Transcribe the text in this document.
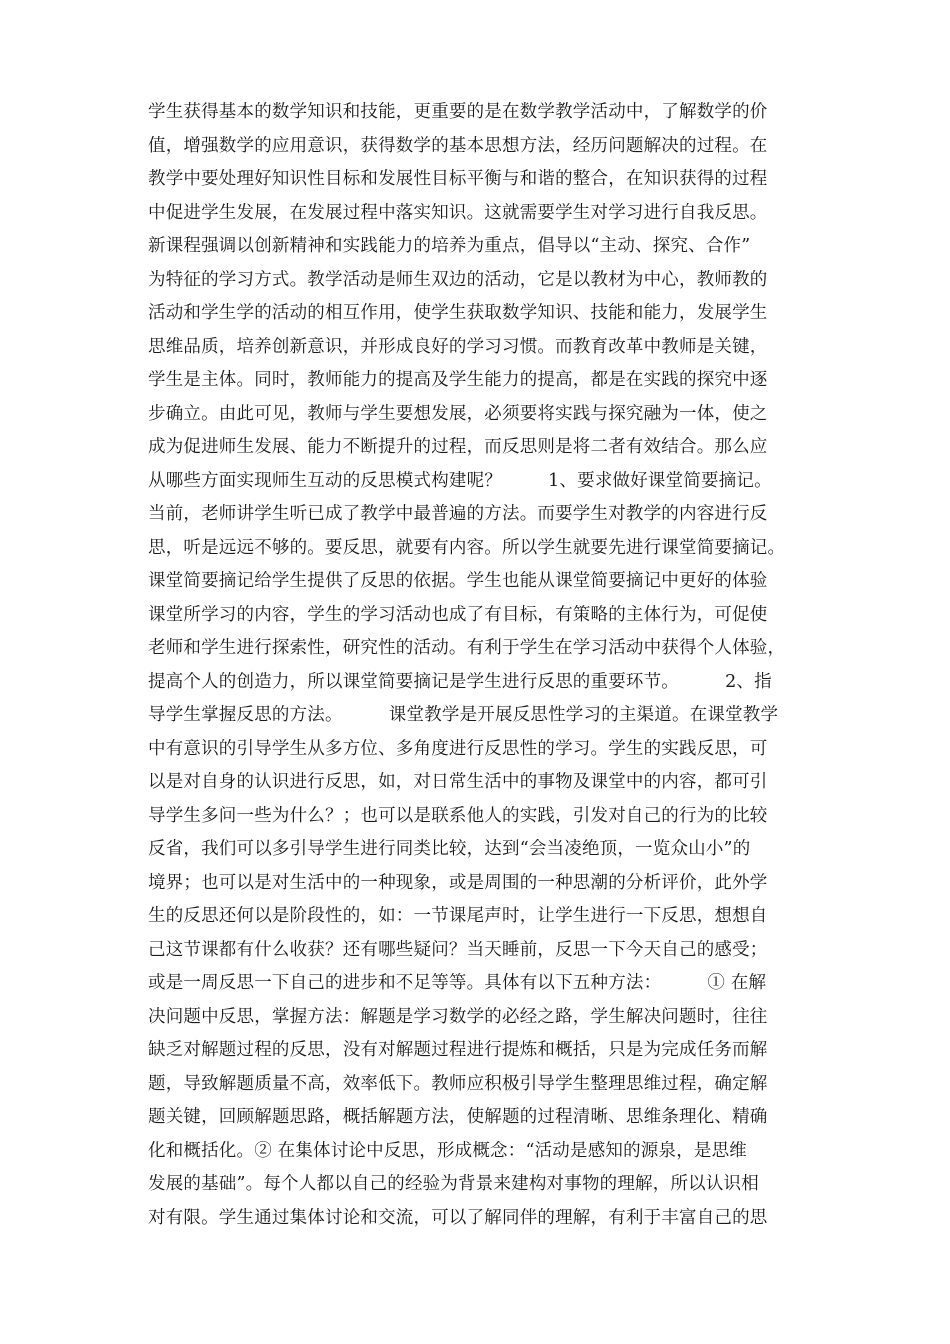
学生获得基本的数学知识和技能，更重要的是在数学教学活动中，了解数学的价
值，增强数学的应用意识，获得数学的基本思想方法，经历问题解决的过程。在
教学中要处理好知识性目标和发展性目标平衡与和谐的整合，在知识获得的过程
中促进学生发展，在发展过程中落实知识。这就需要学生对学习进行自我反思。
新课程强调以创新精神和实践能力的培养为重点，倡导以“主动、探究、合作”
为特征的学习方式。教学活动是师生双边的活动，它是以教材为中心，教师教的
活动和学生学的活动的相互作用，使学生获取数学知识、技能和能力，发展学生
思维品质，培养创新意识，并形成良好的学习习惯。而教育改革中教师是关键，
学生是主体。同时，教师能力的提高及学生能力的提高，都是在实践的探究中逐
步确立。由此可见，教师与学生要想发展，必须要将实践与探究融为一体，使之
成为促进师生发展、能力不断提升的过程，而反思则是将二者有效结合。那么应
从哪些方面实现师生互动的反思模式构建呢？        1、要求做好课堂简要摘记。
当前，老师讲学生听已成了教学中最普遍的方法。而要学生对教学的内容进行反
思，听是远远不够的。要反思，就要有内容。所以学生就要先进行课堂简要摘记。
课堂简要摘记给学生提供了反思的依据。学生也能从课堂简要摘记中更好的体验
课堂所学习的内容，学生的学习活动也成了有目标，有策略的主体行为，可促使
老师和学生进行探索性，研究性的活动。有利于学生在学习活动中获得个人体验，
提高个人的创造力，所以课堂简要摘记是学生进行反思的重要环节。        2、指
导学生掌握反思的方法。        课堂教学是开展反思性学习的主渠道。在课堂教学
中有意识的引导学生从多方位、多角度进行反思性的学习。学生的实践反思，可
以是对自身的认识进行反思，如，对日常生活中的事物及课堂中的内容，都可引
导学生多问一些为什么？；也可以是联系他人的实践，引发对自己的行为的比较
反省，我们可以多引导学生进行同类比较，达到“会当凌绝顶，一览众山小”的
境界；也可以是对生活中的一种现象，或是周围的一种思潮的分析评价，此外学
生的反思还何以是阶段性的，如：一节课尾声时，让学生进行一下反思，想想自
己这节课都有什么收获？还有哪些疑问？当天睡前，反思一下今天自己的感受；
或是一周反思一下自己的进步和不足等等。具体有以下五种方法：        ① 在解
决问题中反思，掌握方法：解题是学习数学的必经之路，学生解决问题时，往往
缺乏对解题过程的反思，没有对解题过程进行提炼和概括，只是为完成任务而解
题，导致解题质量不高，效率低下。教师应积极引导学生整理思维过程，确定解
题关键，回顾解题思路，概括解题方法，使解题的过程清晰、思维条理化、精确
化和概括化。② 在集体讨论中反思，形成概念：“活动是感知的源泉，是思维
发展的基础”。每个人都以自己的经验为背景来建构对事物的理解，所以认识相
对有限。学生通过集体讨论和交流，可以了解同伴的理解，有利于丰富自己的思
